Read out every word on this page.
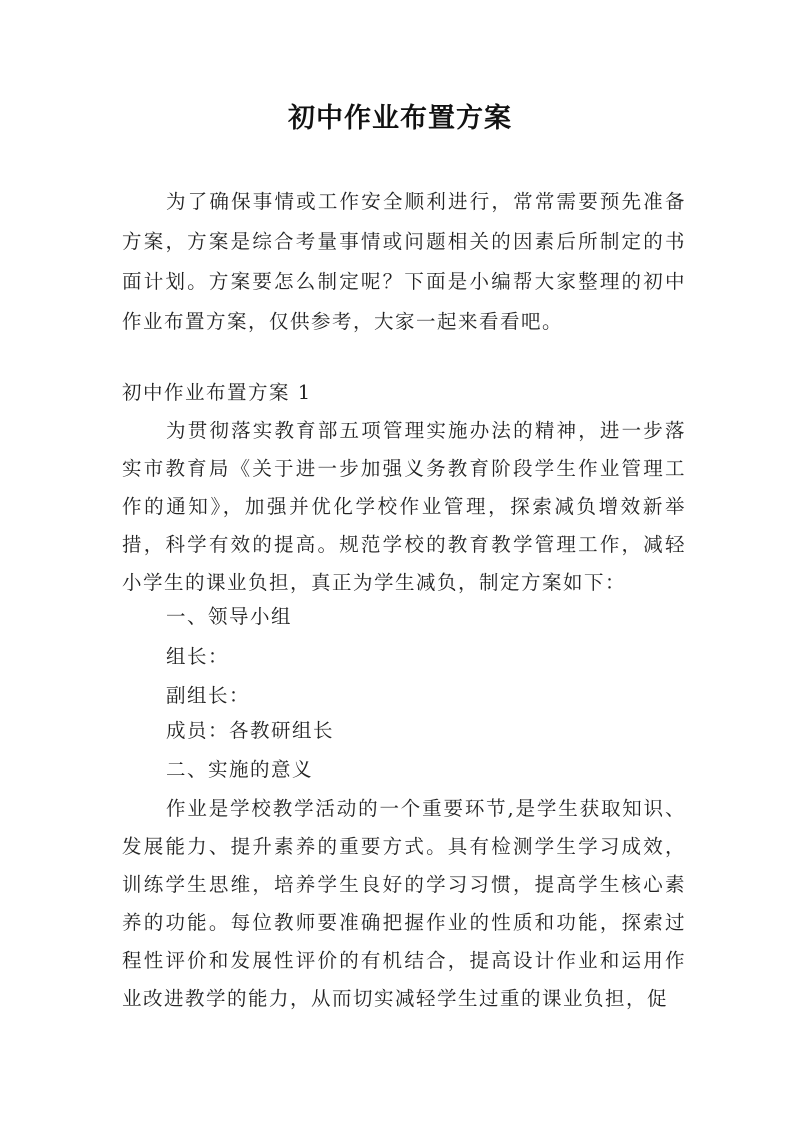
初中作业布置方案

为了确保事情或工作安全顺利进行，常常需要预先准备方案，方案是综合考量事情或问题相关的因素后所制定的书面计划。方案要怎么制定呢？下面是小编帮大家整理的初中作业布置方案，仅供参考，大家一起来看看吧。

初中作业布置方案 1

为贯彻落实教育部五项管理实施办法的精神，进一步落实市教育局《关于进一步加强义务教育阶段学生作业管理工作的通知》，加强并优化学校作业管理，探索减负增效新举措，科学有效的提高。规范学校的教育教学管理工作，减轻小学生的课业负担，真正为学生减负，制定方案如下：

一、领导小组

组长：

副组长：

成员：各教研组长

二、实施的意义

作业是学校教学活动的一个重要环节,是学生获取知识、发展能力、提升素养的重要方式。具有检测学生学习成效，训练学生思维，培养学生良好的学习习惯，提高学生核心素养的功能。每位教师要准确把握作业的性质和功能，探索过程性评价和发展性评价的有机结合，提高设计作业和运用作业改进教学的能力，从而切实减轻学生过重的课业负担，促
